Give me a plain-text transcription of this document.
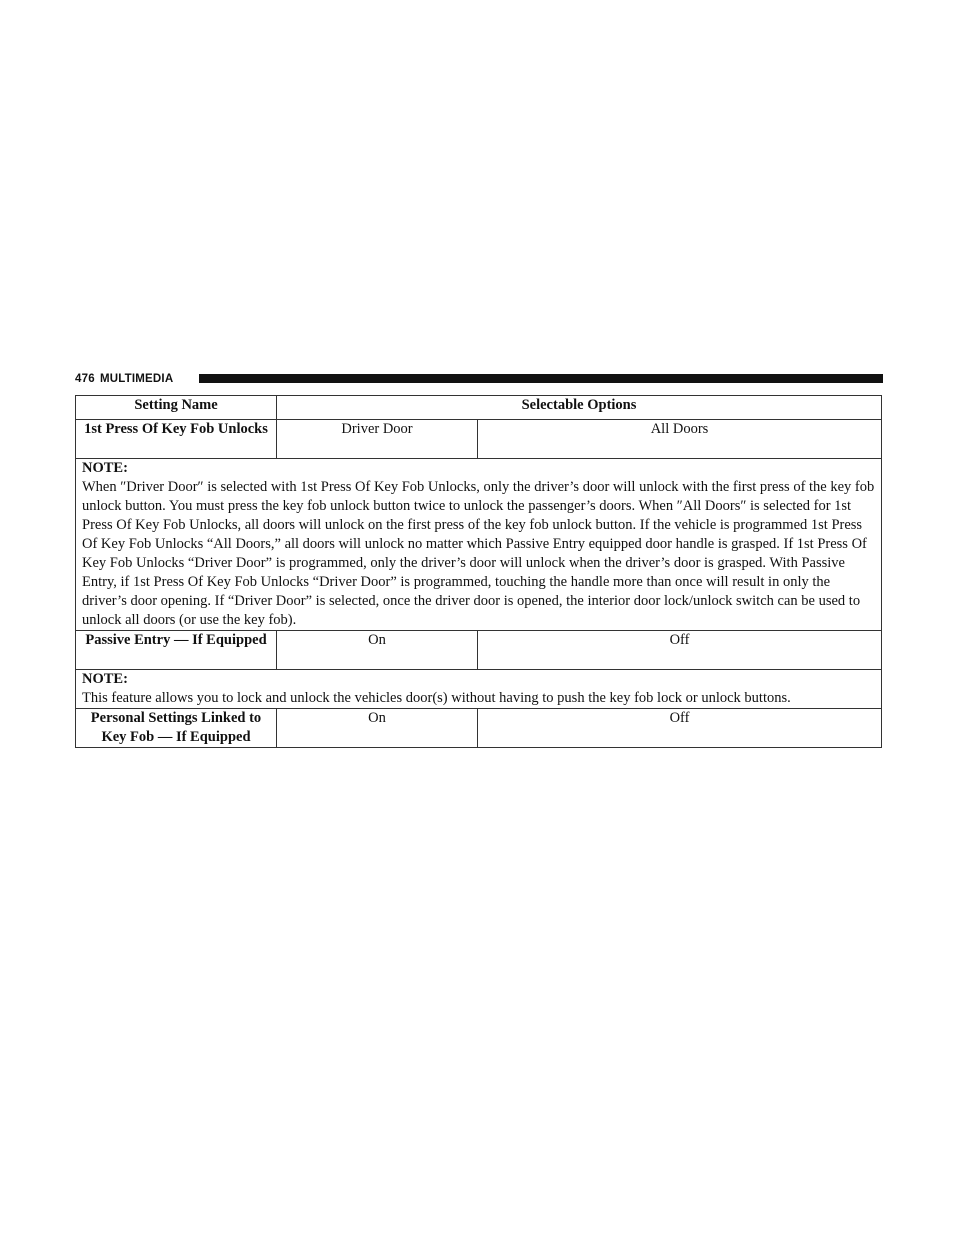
476 MULTIMEDIA
Setting Name	Selectable Options	
1st Press Of Key Fob Unlocks	Driver Door	All Doors

NOTE:
When ″Driver Door″ is selected with 1st Press Of Key Fob Unlocks, only the driver’s door will unlock with the first press of the key fob unlock button. You must press the key fob unlock button twice to unlock the passenger’s doors. When ″All Doors″ is selected for 1st Press Of Key Fob Unlocks, all doors will unlock on the first press of the key fob unlock button. If the vehicle is programmed 1st Press Of Key Fob Unlocks “All Doors,” all doors will unlock no matter which Passive Entry equipped door handle is grasped. If 1st Press Of Key Fob Unlocks “Driver Door” is programmed, only the driver’s door will unlock when the driver’s door is grasped. With Passive Entry, if 1st Press Of Key Fob Unlocks “Driver Door” is programmed, touching the handle more than once will result in only the driver’s door opening. If “Driver Door” is selected, once the driver door is opened, the interior door lock/unlock switch can be used to unlock all doors (or use the key fob).		
Passive Entry — If Equipped	On	Off

NOTE:
This feature allows you to lock and unlock the vehicles door(s) without having to push the key fob lock or unlock buttons.		
Personal Settings Linked to Key Fob — If Equipped	On	Off
